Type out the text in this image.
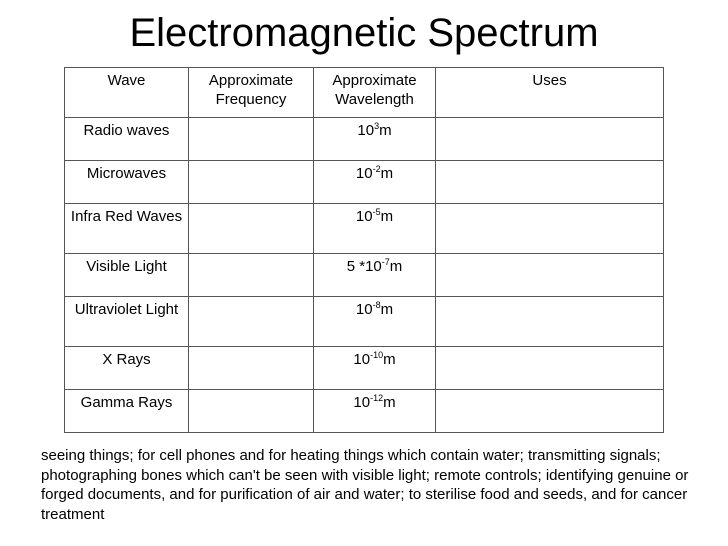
Electromagnetic Spectrum
Wave	Approximate Frequency	Approximate Wavelength	Uses
Radio waves		$10^3m$	
Microwaves		$10^{-2}m$	
Infra Red Waves		$10^{-5}m$	
Visible Light		5 $*10^{-7}m$	
Ultraviolet Light		$10^{-8}m$	
X Rays		$10^{-10}m$	
Gamma Rays		$10^{-12}m$	
seeing things; for cell phones and for heating things which contain water; transmitting signals; photographing bones which can't be seen with visible light; remote controls; identifying genuine or forged documents, and for purification of air and water; to sterilise food and seeds, and for cancer treatment
